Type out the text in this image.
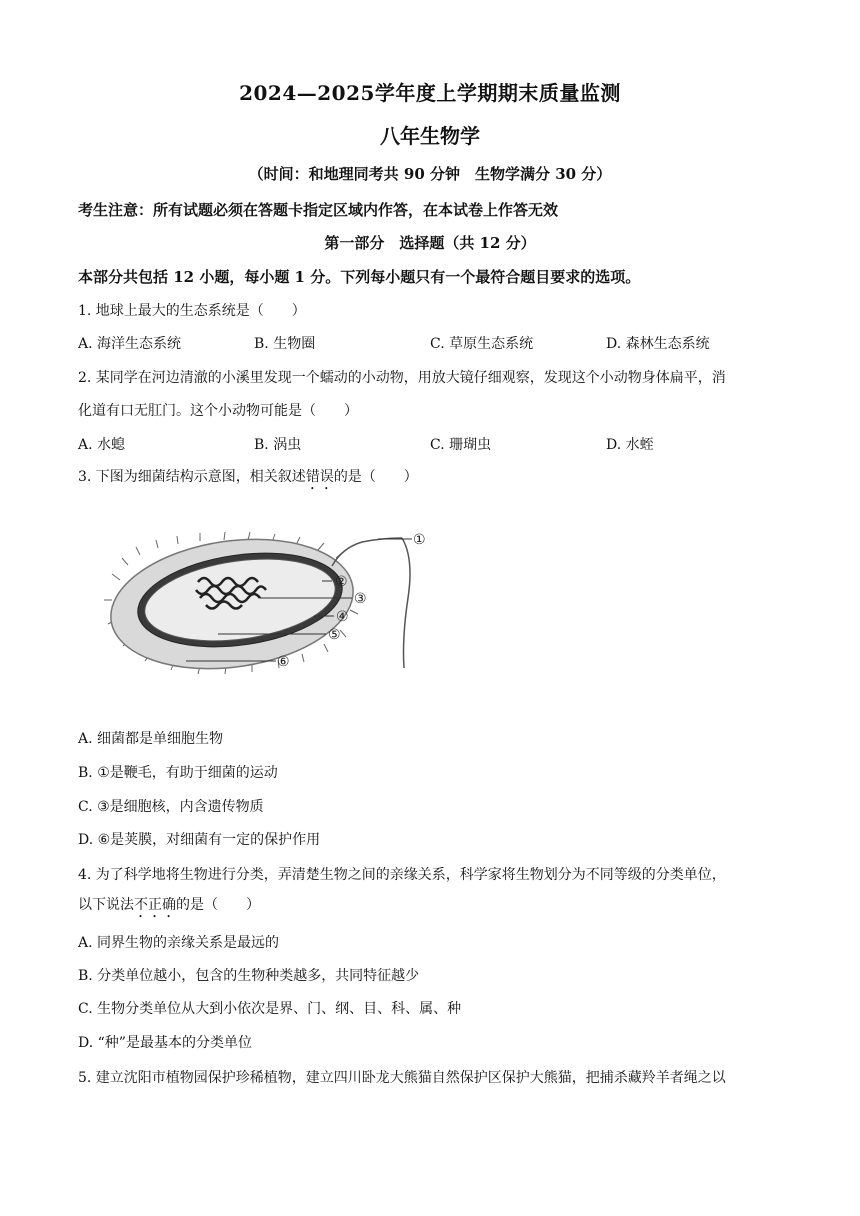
2024—2025学年度上学期期末质量监测
八年生物学
（时间：和地理同考共 90 分钟　生物学满分 30 分）
考生注意：所有试题必须在答题卡指定区域内作答，在本试卷上作答无效
第一部分　选择题（共 12 分）
本部分共包括 12 小题，每小题 1 分。下列每小题只有一个最符合题目要求的选项。
1. 地球上最大的生态系统是（　　）
A. 海洋生态系统	B. 生物圈	C. 草原生态系统	D. 森林生态系统
2. 某同学在河边清澈的小溪里发现一个蠕动的小动物，用放大镜仔细观察，发现这个小动物身体扁平，消
化道有口无肛门。这个小动物可能是（　　）
A. 水螅	B. 涡虫	C. 珊瑚虫	D. 水蛭
3. 下图为细菌结构示意图，相关叙述错误的是（　　）
①
②
③
④
⑤
⑥
A. 细菌都是单细胞生物
B. ①是鞭毛，有助于细菌的运动
C. ③是细胞核，内含遗传物质
D. ⑥是荚膜，对细菌有一定的保护作用
4. 为了科学地将生物进行分类，弄清楚生物之间的亲缘关系，科学家将生物划分为不同等级的分类单位，
以下说法不正确的是（　　）
A. 同界生物的亲缘关系是最远的
B. 分类单位越小，包含的生物种类越多，共同特征越少
C. 生物分类单位从大到小依次是界、门、纲、目、科、属、种
D. “种”是最基本的分类单位
5. 建立沈阳市植物园保护珍稀植物，建立四川卧龙大熊猫自然保护区保护大熊猫，把捕杀藏羚羊者绳之以
